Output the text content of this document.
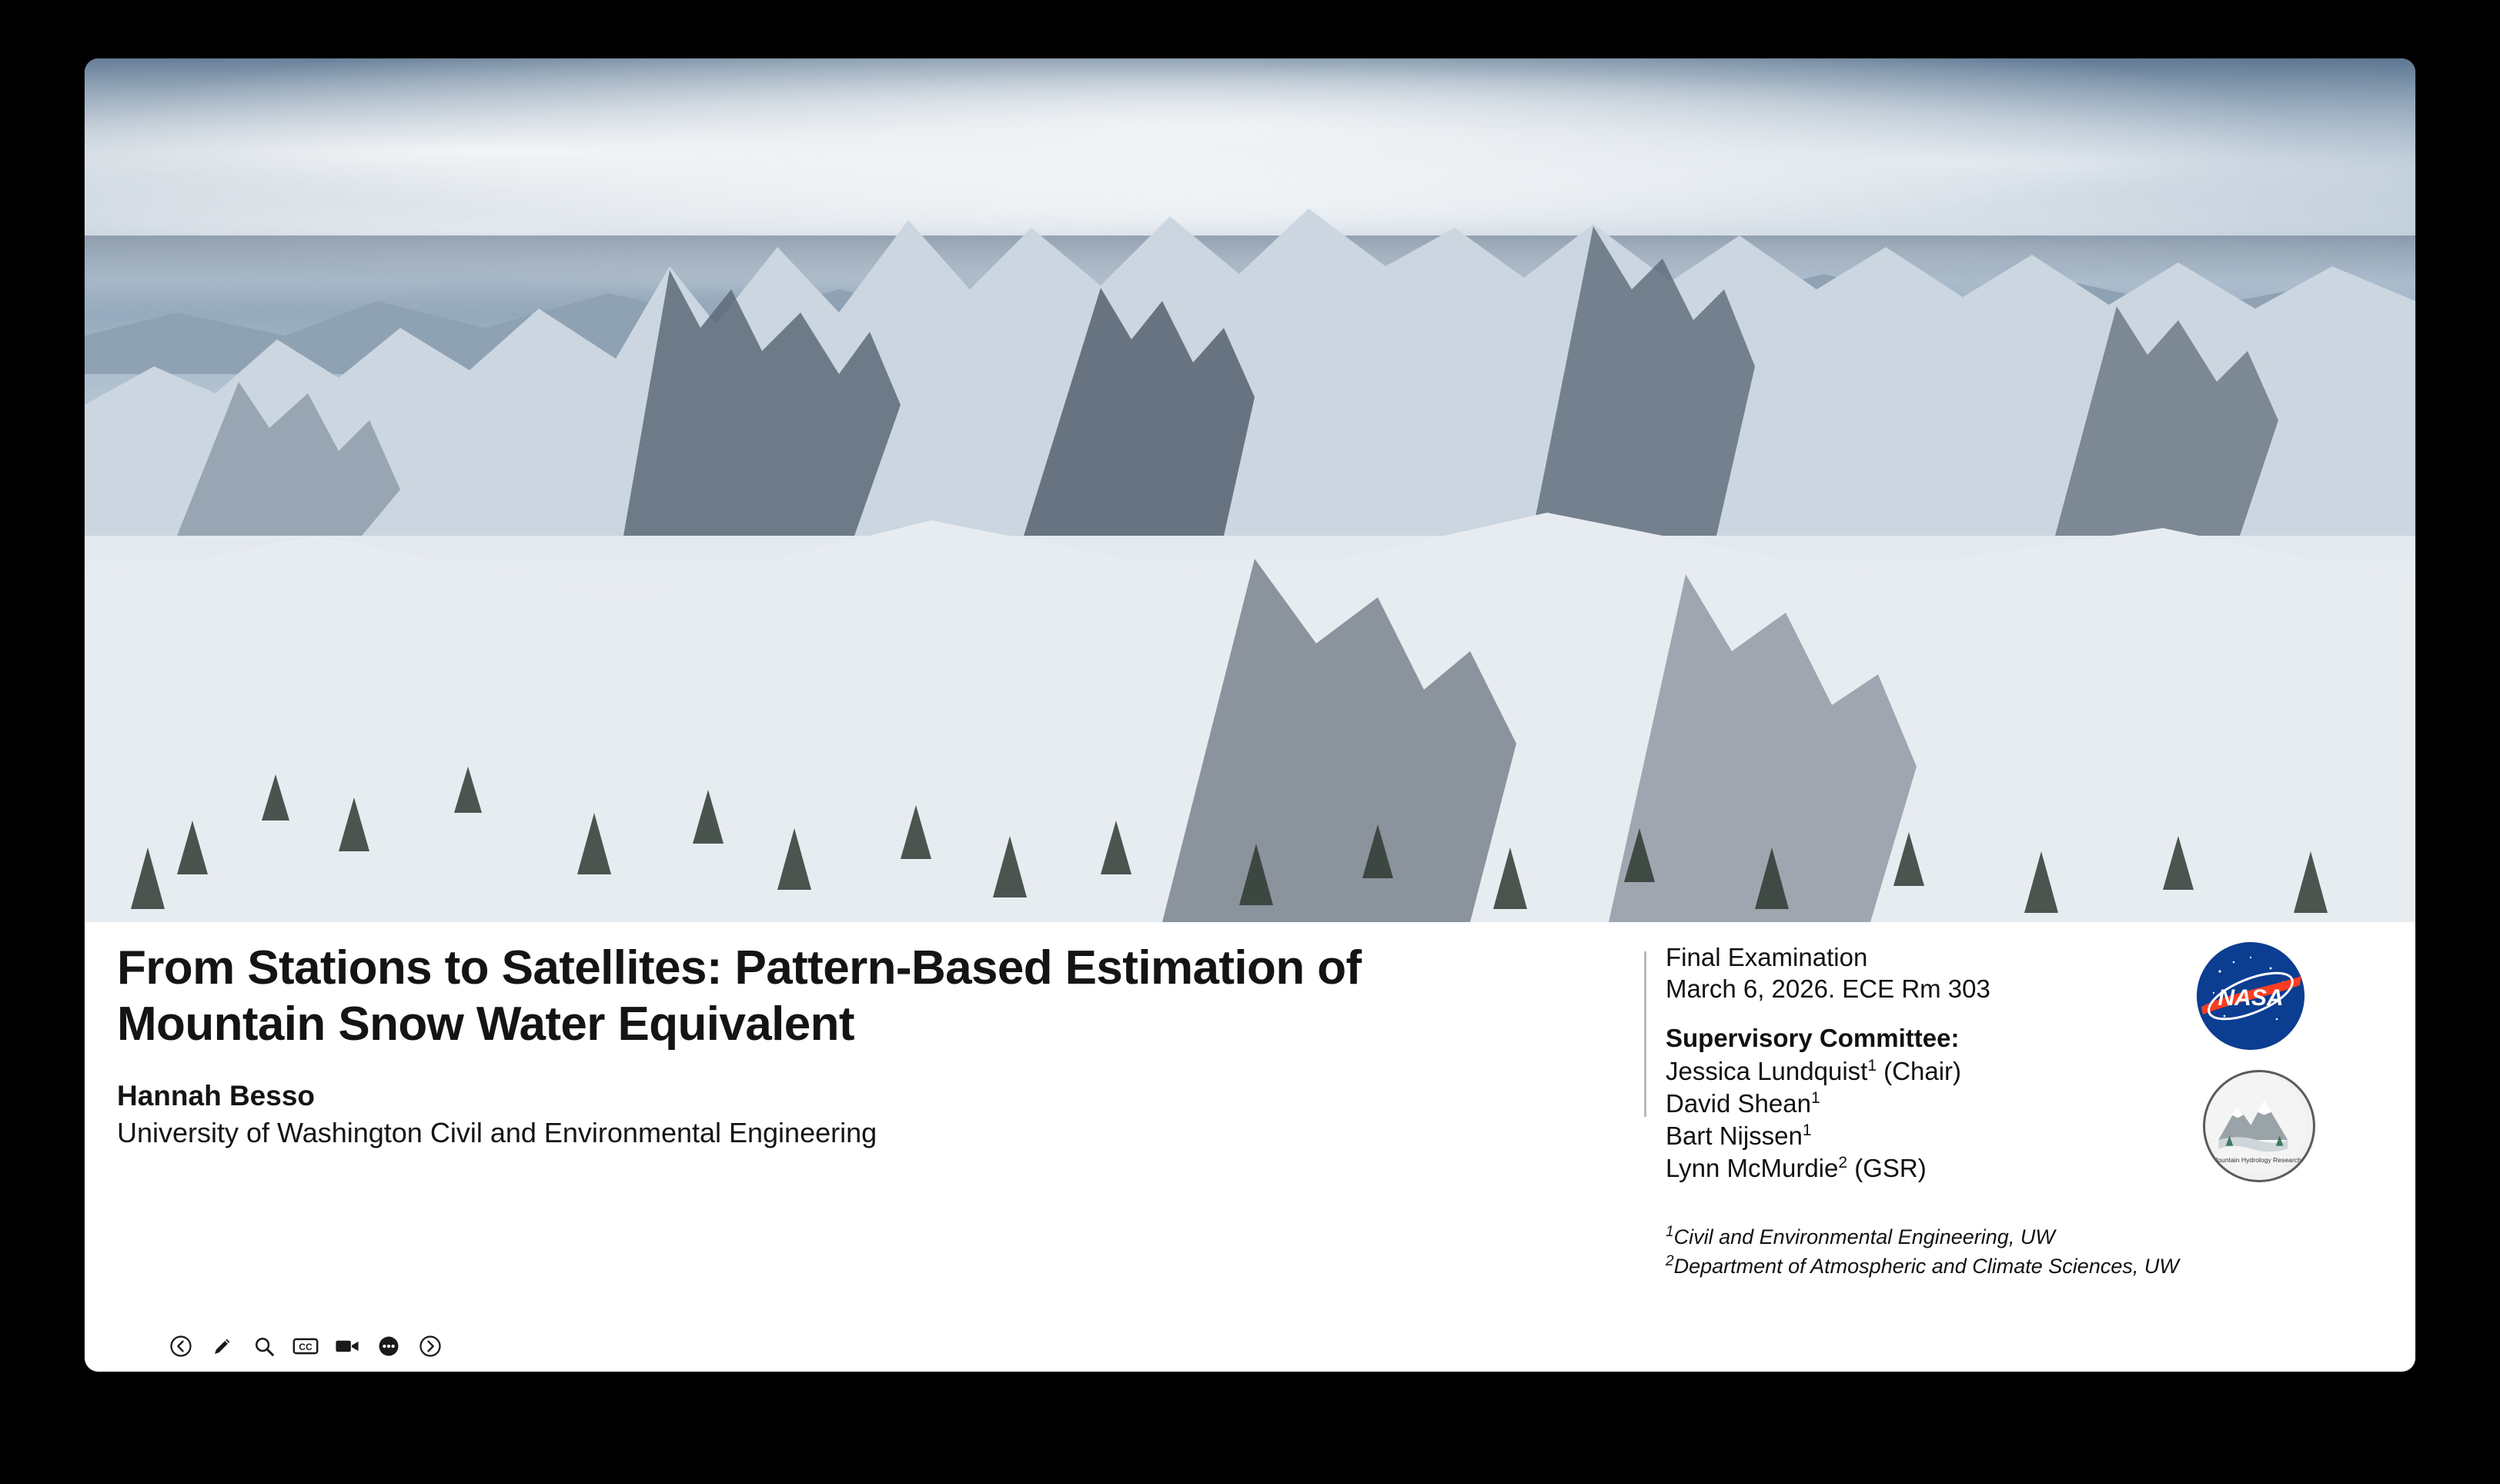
From Stations to Satellites: Pattern-Based Estimation of Mountain Snow Water Equivalent
Hannah Besso
University of Washington Civil and Environmental Engineering
Final Examination
March 6, 2026. ECE Rm 303
Supervisory Committee:
Jessica Lundquist$^1$ (Chair)
David Shean$^1$
Bart Nijssen$^1$
Lynn McMurdie$^2$ (GSR)
$^1$Civil and Environmental Engineering, UW
$^2$Department of Atmospheric and Climate Sciences, UW
NASA
Mountain Hydrology Research
CC
